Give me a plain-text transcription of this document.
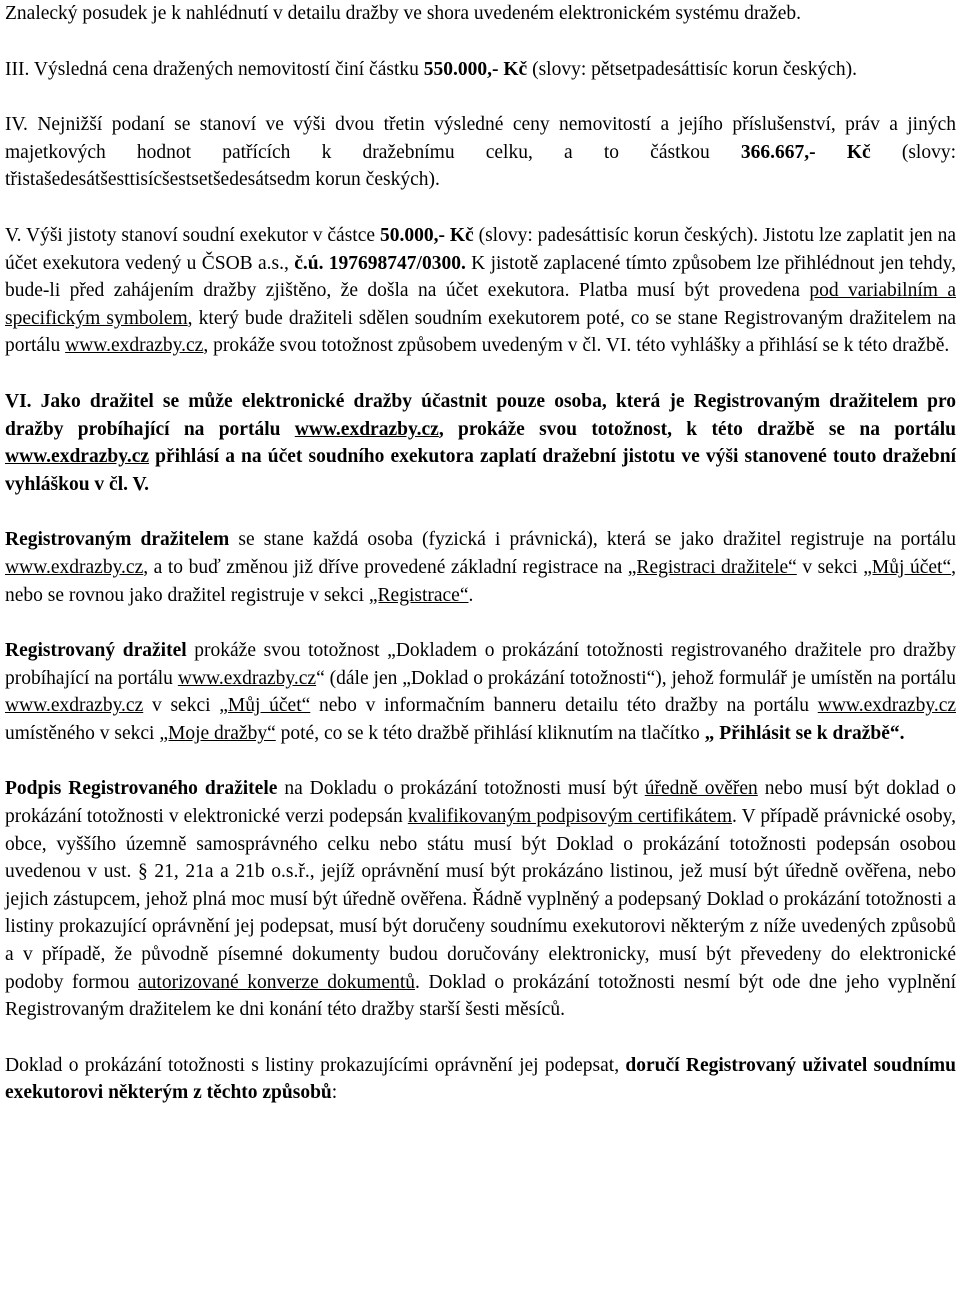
Znalecký posudek je k nahlédnutí v detailu dražby ve shora uvedeném elektronickém systému dražeb.

III. Výsledná cena dražených nemovitostí činí částku 550.000,- Kč (slovy: pětsetpadesáttisíc korun českých).

IV. Nejnižší podaní se stanoví ve výši dvou třetin výsledné ceny nemovitostí a jejího příslušenství, práv a jiných majetkových hodnot patřících k dražebnímu celku, a to částkou 366.667,- Kč (slovy: třistašedesátšesttisícšestsetšedesátsedm korun českých).

V. Výši jistoty stanoví soudní exekutor v částce 50.000,- Kč (slovy: padesáttisíc korun českých). Jistotu lze zaplatit jen na účet exekutora vedený u ČSOB a.s., č.ú. 197698747/0300. K jistotě zaplacené tímto způsobem lze přihlédnout jen tehdy, bude-li před zahájením dražby zjištěno, že došla na účet exekutora. Platba musí být provedena pod variabilním a specifickým symbolem, který bude dražiteli sdělen soudním exekutorem poté, co se stane Registrovaným dražitelem na portálu www.exdrazby.cz, prokáže svou totožnost způsobem uvedeným v čl. VI. této vyhlášky a přihlásí se k této dražbě.

VI. Jako dražitel se může elektronické dražby účastnit pouze osoba, která je Registrovaným dražitelem pro dražby probíhající na portálu www.exdrazby.cz, prokáže svou totožnost, k této dražbě se na portálu www.exdrazby.cz přihlásí a na účet soudního exekutora zaplatí dražební jistotu ve výši stanovené touto dražební vyhláškou v čl. V.

Registrovaným dražitelem se stane každá osoba (fyzická i právnická), která se jako dražitel registruje na portálu www.exdrazby.cz, a to buď změnou již dříve provedené základní registrace na „Registraci dražitele“ v sekci „Můj účet“, nebo se rovnou jako dražitel registruje v sekci „Registrace“.

Registrovaný dražitel prokáže svou totožnost „Dokladem o prokázání totožnosti registrovaného dražitele pro dražby probíhající na portálu www.exdrazby.cz“ (dále jen „Doklad o prokázání totožnosti“), jehož formulář je umístěn na portálu www.exdrazby.cz v sekci „Můj účet“ nebo v informačním banneru detailu této dražby na portálu www.exdrazby.cz umístěného v sekci „Moje dražby“ poté, co se k této dražbě přihlásí kliknutím na tlačítko „ Přihlásit se k dražbě“.

Podpis Registrovaného dražitele na Dokladu o prokázání totožnosti musí být úředně ověřen nebo musí být doklad o prokázání totožnosti v elektronické verzi podepsán kvalifikovaným podpisovým certifikátem. V případě právnické osoby, obce, vyššího územně samosprávného celku nebo státu musí být Doklad o prokázání totožnosti podepsán osobou uvedenou v ust. § 21, 21a a 21b o.s.ř., jejíž oprávnění musí být prokázáno listinou, jež musí být úředně ověřena, nebo jejich zástupcem, jehož plná moc musí být úředně ověřena. Řádně vyplněný a podepsaný Doklad o prokázání totožnosti a listiny prokazující oprávnění jej podepsat, musí být doručeny soudnímu exekutorovi některým z níže uvedených způsobů a v případě, že původně písemné dokumenty budou doručovány elektronicky, musí být převedeny do elektronické podoby formou autorizované konverze dokumentů. Doklad o prokázání totožnosti nesmí být ode dne jeho vyplnění Registrovaným dražitelem ke dni konání této dražby starší šesti měsíců.

Doklad o prokázání totožnosti s listiny prokazujícími oprávnění jej podepsat, doručí Registrovaný uživatel soudnímu exekutorovi některým z těchto způsobů:
